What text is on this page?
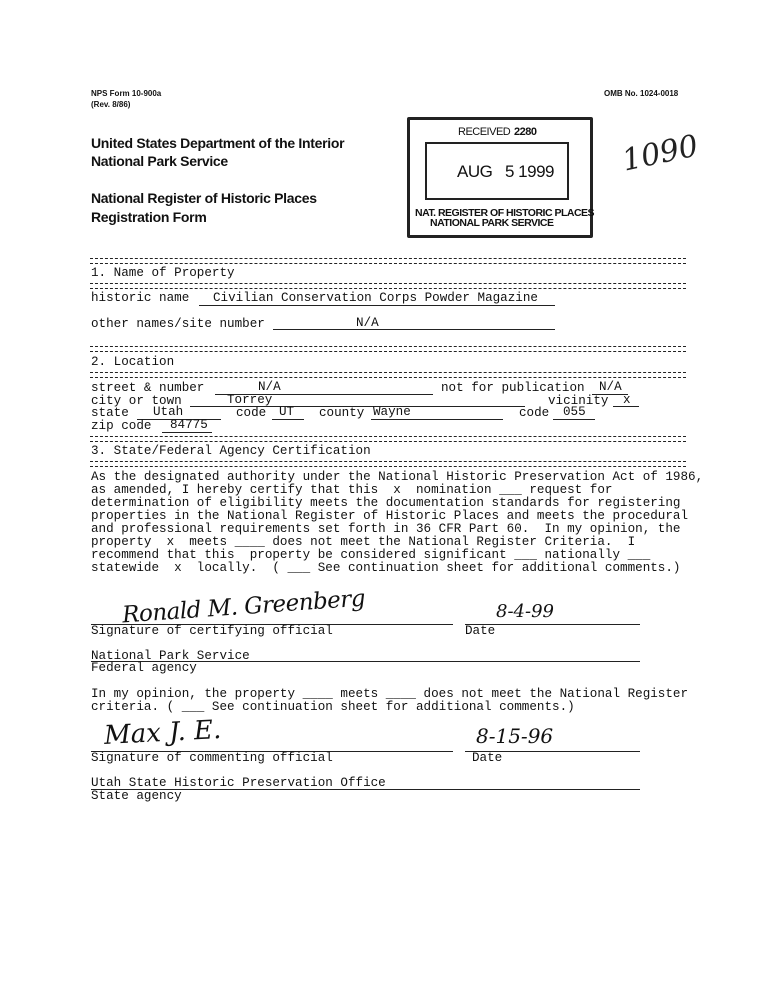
NPS Form 10-900a
(Rev. 8/86)
OMB No. 1024-0018
United States Department of the Interior
National Park Service
National Register of Historic Places
Registration Form
RECEIVED 2280
AUG   5 1999
NAT. REGISTER OF HISTORIC PLACES
NATIONAL PARK SERVICE
1090
1. Name of Property
historic name Civilian Conservation Corps Powder Magazine
other names/site number	N/A
2. Location
street & number	N/A	not for publication N/A
city or town	Torrey	vicinity x
state Utah	code UT county Wayne	code 055
zip code 84775
3. State/Federal Agency Certification
As the designated authority under the National Historic Preservation Act of 1986,
as amended, I hereby certify that this  x  nomination ___ request for
determination of eligibility meets the documentation standards for registering
properties in the National Register of Historic Places and meets the procedural
and professional requirements set forth in 36 CFR Part 60.  In my opinion, the
property  x  meets ____ does not meet the National Register Criteria.  I
recommend that this  property be considered significant ___ nationally ___
statewide  x  locally.  ( ___ See continuation sheet for additional comments.)
Ronald M. Greenberg
Signature of certifying official
8-4-99
Date
National Park Service
Federal agency
In my opinion, the property ____ meets ____ does not meet the National Register
criteria. ( ___ See continuation sheet for additional comments.)
Max J. E.
Signature of commenting official
8-15-96
Date
Utah State Historic Preservation Office
State agency
